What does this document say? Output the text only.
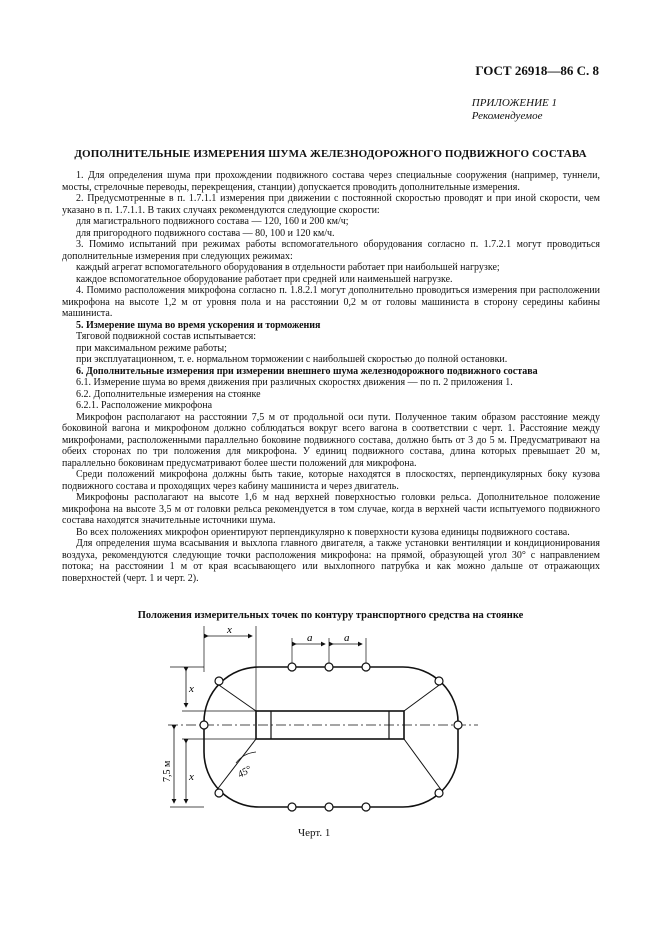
ГОСТ 26918—86 С. 8
ПРИЛОЖЕНИЕ 1
Рекомендуемое
ДОПОЛНИТЕЛЬНЫЕ ИЗМЕРЕНИЯ ШУМА ЖЕЛЕЗНОДОРОЖНОГО ПОДВИЖНОГО СОСТАВА

1. Для определения шума при прохождении подвижного состава через специальные сооружения (например, туннели, мосты, стрелочные переводы, перекрещения, станции) допускается проводить дополнительные измерения.

2. Предусмотренные в п. 1.7.1.1 измерения при движении с постоянной скоростью проводят и при иной скорости, чем указано в п. 1.7.1.1. В таких случаях рекомендуются следующие скорости:

для магистрального подвижного состава — 120, 160 и 200 км/ч;

для пригородного подвижного состава — 80, 100 и 120 км/ч.

3. Помимо испытаний при режимах работы вспомогательного оборудования согласно п. 1.7.2.1 могут проводиться дополнительные измерения при следующих режимах:

каждый агрегат вспомогательного оборудования в отдельности работает при наибольшей нагрузке;

каждое вспомогательное оборудование работает при средней или наименьшей нагрузке.

4. Помимо расположения микрофона согласно п. 1.8.2.1 могут дополнительно проводиться измерения при расположении микрофона на высоте 1,2 м от уровня пола и на расстоянии 0,2 м от головы машиниста в сторону середины кабины машиниста.

5. Измерение шума во время ускорения и торможения

Тяговой подвижной состав испытывается:

при максимальном режиме работы;

при эксплуатационном, т. е. нормальном торможении с наибольшей скоростью до полной остановки.

6. Дополнительные измерения при измерении внешнего шума железнодорожного подвижного состава

6.1. Измерение шума во время движения при различных скоростях движения — по п. 2 приложения 1.

6.2. Дополнительные измерения на стоянке

6.2.1. Расположение микрофона

Микрофон располагают на расстоянии 7,5 м от продольной оси пути. Полученное таким образом расстояние между боковиной вагона и микрофоном должно соблюдаться вокруг всего вагона в соответствии с черт. 1. Расстояние между микрофонами, расположенными параллельно боковине подвижного состава, должно быть от 3 до 5 м. Предусматривают на обеих сторонах по три положения для микрофона. У единиц подвижного состава, длина которых превышает 20 м, параллельно боковинам предусматривают более шести положений для микрофона.

Среди положений микрофона должны быть такие, которые находятся в плоскостях, перпендикулярных боку кузова подвижного состава и проходящих через кабину машиниста и через двигатель.

Микрофоны располагают на высоте 1,6 м над верхней поверхностью головки рельса. Дополнительное положение микрофона на высоте 3,5 м от головки рельса рекомендуется в том случае, когда в верхней части испытуемого подвижного состава находятся значительные источники шума.

Во всех положениях микрофон ориентируют перпендикулярно к поверхности кузова единицы подвижного состава.

Для определения шума всасывания и выхлопа главного двигателя, а также установки вентиляции и кондиционирования воздуха, рекомендуются следующие точки расположения микрофона: на прямой, образующей угол 30° с направлением потока; на расстоянии 1 м от края всасывающего или выхлопного патрубка и как можно дальше от отражающих поверхностей (черт. 1 и черт. 2).

Положения измерительных точек по контуру транспортного средства на стоянке
x
a	a
x
x
7,5 м	45°
Черт. 1
